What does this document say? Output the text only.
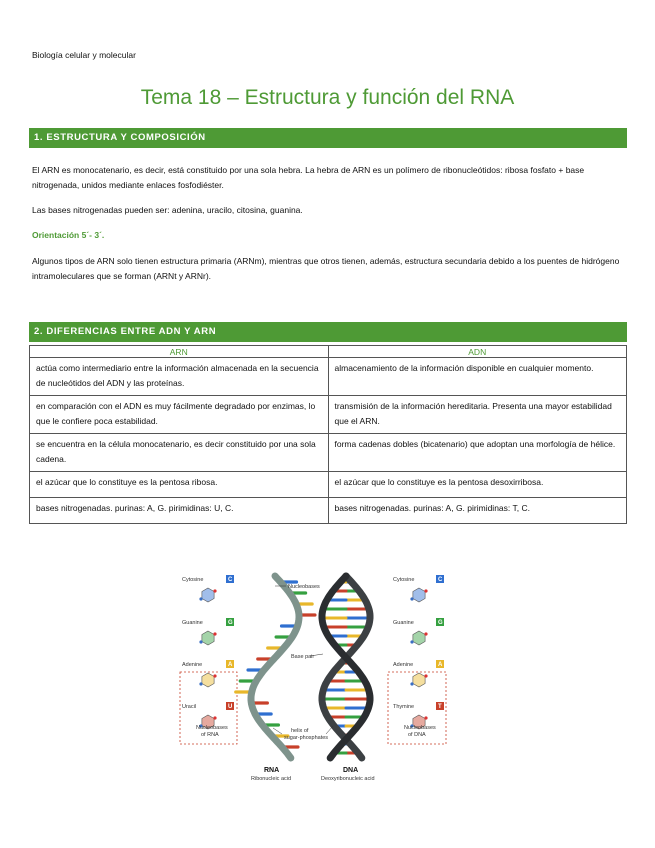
Biología celular y molecular
Tema 18 – Estructura y función del RNA
1. ESTRUCTURA Y COMPOSICIÓN
El ARN es monocatenario, es decir, está constituido por una sola hebra. La hebra de ARN es un polímero de ribonucleótidos: ribosa fosfato + base nitrogenada, unidos mediante enlaces fosfodiéster.
Las bases nitrogenadas pueden ser: adenina, uracilo, citosina, guanina.
Orientación 5´- 3´.
Algunos tipos de ARN solo tienen estructura primaria (ARNm), mientras que otros tienen, además, estructura secundaria debido a los puentes de hidrógeno intramoleculares que se forman (ARNt y ARNr).
2. DIFERENCIAS ENTRE ADN Y ARN
ARN	ADN
actúa como intermediario entre la información almacenada en la secuencia de nucleótidos del ADN y las proteínas.	almacenamiento de la información disponible en cualquier momento.
en comparación con el ADN es muy fácilmente degradado por enzimas, lo que le confiere poca estabilidad.	transmisión de la información hereditaria. Presenta una mayor estabilidad que el ARN.
se encuentra en la célula monocatenario, es decir constituido por una sola cadena.	forma cadenas dobles (bicatenario) que adoptan una morfología de hélice.
el azúcar que lo constituye es la pentosa ribosa.	el azúcar que lo constituye es la pentosa desoxirribosa.
bases nitrogenadas. purinas: A, G. pirimidinas: U, C.	bases nitrogenadas. purinas: A, G. pirimidinas: T, C.
Cytosine	C
Guanine	G
Adenine	A
Uracil	U
Cytosine	C
Guanine	G
Adenine	A
Thymine	T
Nucleobases
Base pair
helix of
sugar-phosphates
Nucleobases
of RNA
Nucleobases
of DNA
RNA
Ribonucleic acid
DNA
Deoxyribonucleic acid
